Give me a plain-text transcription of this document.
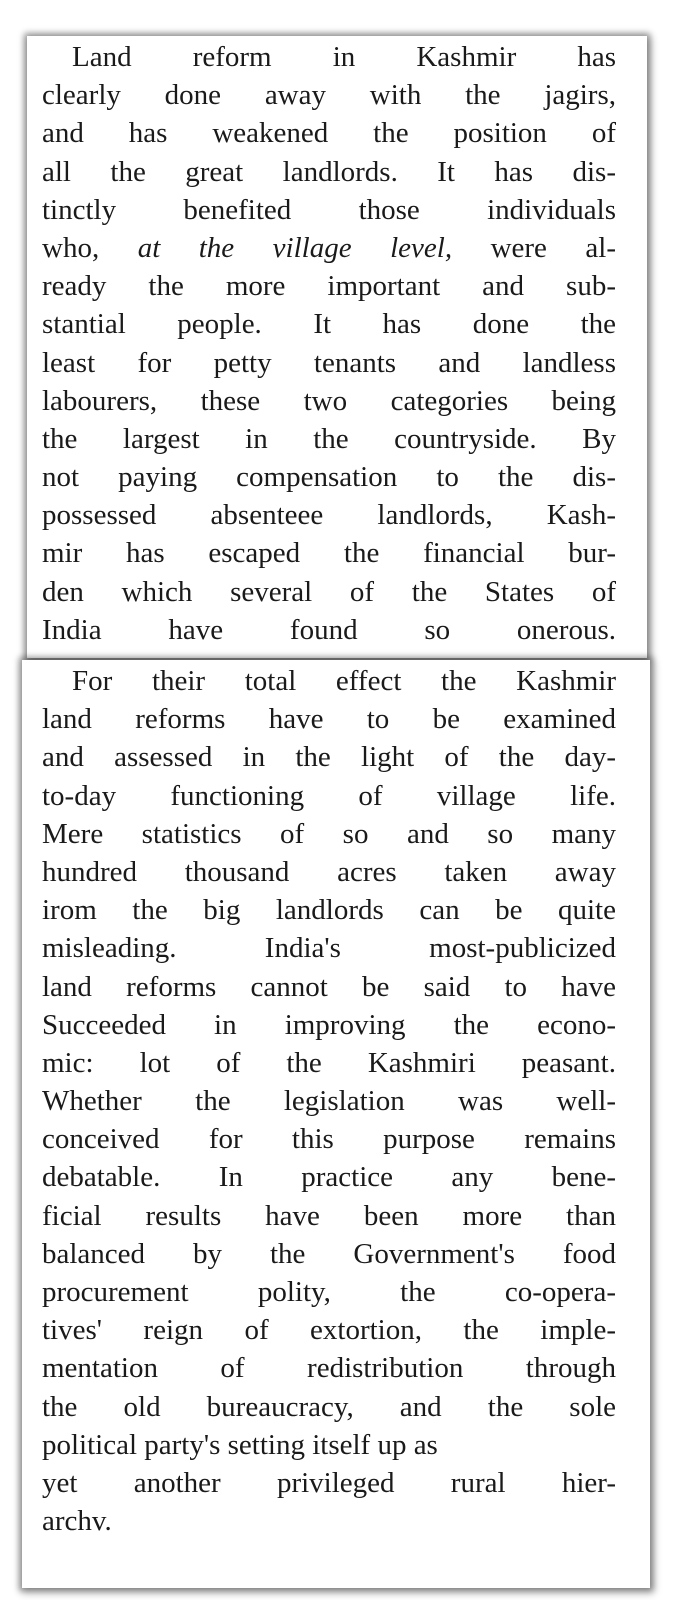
Land reform in Kashmir has
clearly done away with the jagirs,
and has weakened the position of
all the great landlords. It has dis-
tinctly benefited those individuals
who, at the village level, were al-
ready the more important and sub-
stantial people. It has done the
least for petty tenants and landless
labourers, these two categories being
the largest in the countryside. By
not paying compensation to the dis-
possessed absenteee landlords, Kash-
mir has escaped the financial bur-
den which several of the States of
India have found so onerous.
For their total effect the Kashmir
land reforms have to be examined
and assessed in the light of the day-
to-day functioning of village life.
Mere statistics of so and so many
hundred thousand acres taken away
irom the big landlords can be quite
misleading. India's most-publicized
land reforms cannot be said to have
Succeeded in improving the econo-
mic: lot of the Kashmiri peasant.
Whether the legislation was well-
conceived for this purpose remains
debatable. In practice any bene-
ficial results have been more than
balanced by the Government's food
procurement polity, the co-opera-
tives' reign of extortion, the imple-
mentation of redistribution through
the old bureaucracy, and the sole
political party's setting itself up as
yet another privileged rural hier-
archv.
